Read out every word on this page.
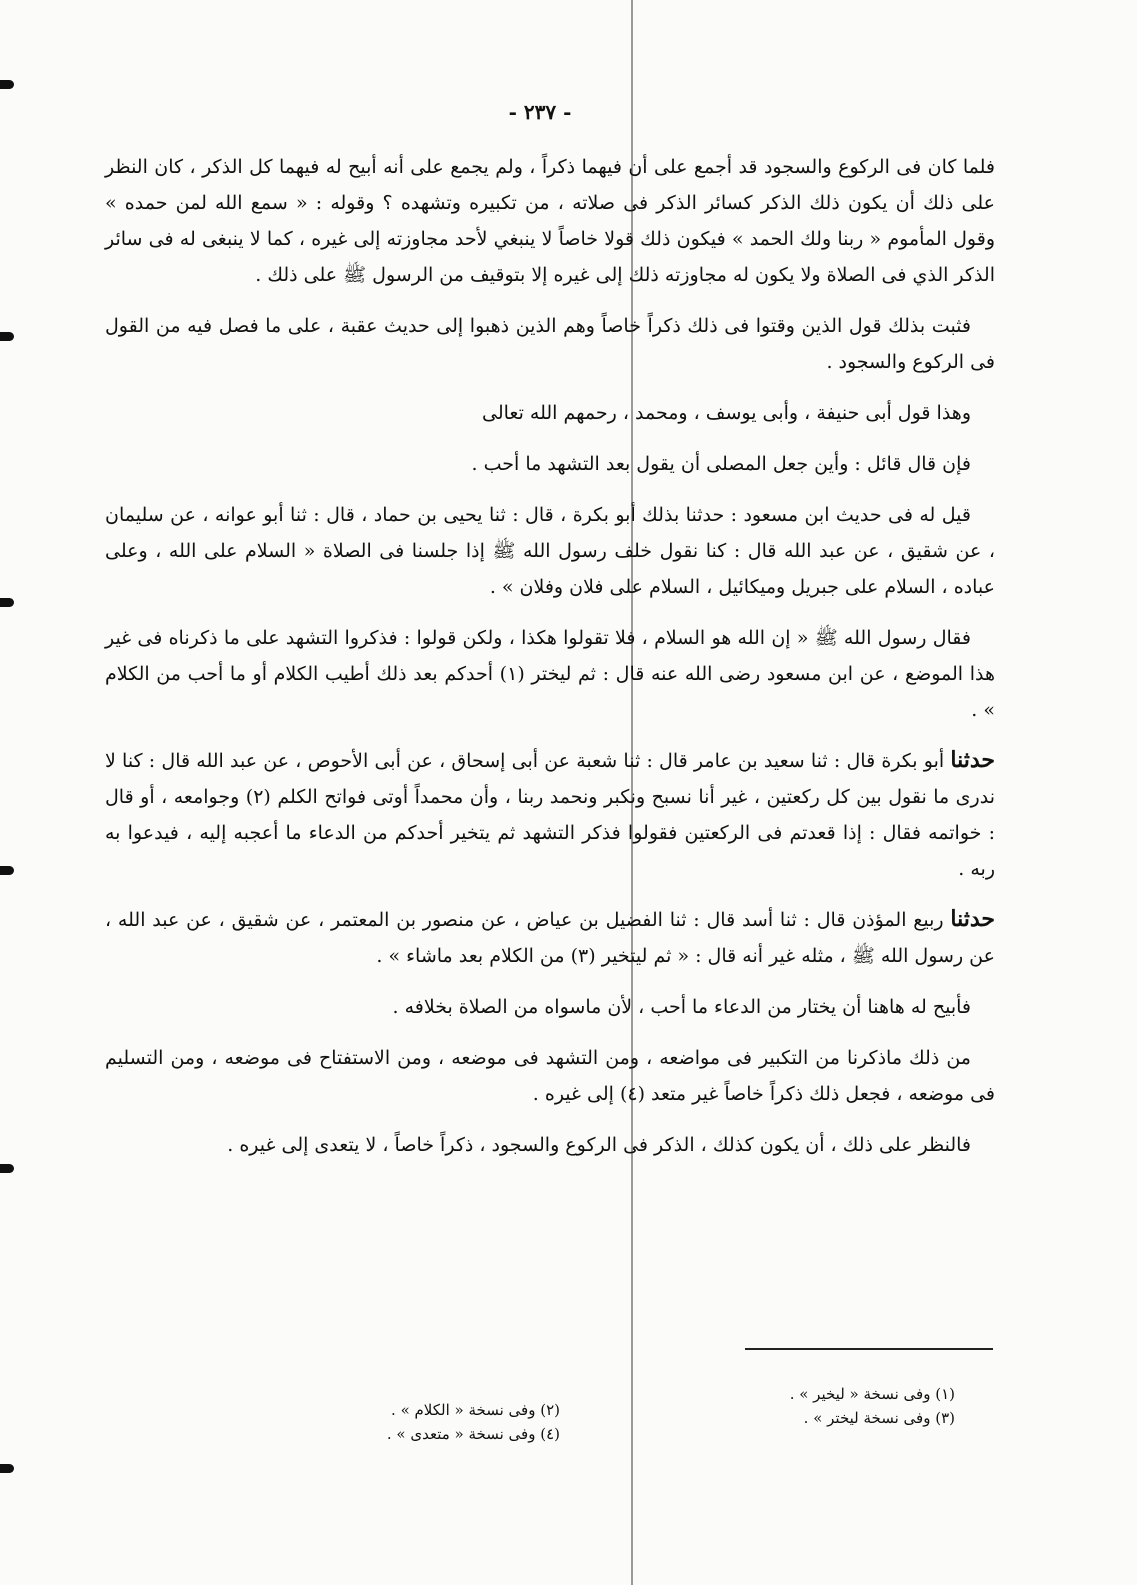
- ٢٣٧ -

فلما كان فى الركوع والسجود قد أجمع على أن فيهما ذكراً ، ولم يجمع على أنه أبيح له فيهما كل الذكر ، كان النظر على ذلك أن يكون ذلك الذكر كسائر الذكر فى صلاته ، من تكبيره وتشهده ؟ وقوله : « سمع الله لمن حمده » وقول المأموم « ربنا ولك الحمد » فيكون ذلك قولا خاصاً لا ينبغي لأحد مجاوزته إلى غيره ، كما لا ينبغى له فى سائر الذكر الذي فى الصلاة ولا يكون له مجاوزته ذلك إلى غيره إلا بتوقيف من الرسول ﷺ على ذلك .

فثبت بذلك قول الذين وقتوا فى ذلك ذكراً خاصاً وهم الذين ذهبوا إلى حديث عقبة ، على ما فصل فيه من القول فى الركوع والسجود .

وهذا قول أبى حنيفة ، وأبى يوسف ، ومحمد ، رحمهم الله تعالى

فإن قال قائل : وأين جعل المصلى أن يقول بعد التشهد ما أحب .

قيل له فى حديث ابن مسعود : حدثنا بذلك أبو بكرة ، قال : ثنا يحيى بن حماد ، قال : ثنا أبو عوانه ، عن سليمان ، عن شقيق ، عن عبد الله قال : كنا نقول خلف رسول الله ﷺ إذا جلسنا فى الصلاة « السلام على الله ، وعلى عباده ، السلام على جبريل وميكائيل ، السلام على فلان وفلان » .

فقال رسول الله ﷺ « إن الله هو السلام ، فلا تقولوا هكذا ، ولكن قولوا : فذكروا التشهد على ما ذكرناه فى غير هذا الموضع ، عن ابن مسعود رضى الله عنه قال : ثم ليختر (١) أحدكم بعد ذلك أطيب الكلام أو ما أحب من الكلام » .

حدثنا أبو بكرة قال : ثنا سعيد بن عامر قال : ثنا شعبة عن أبى إسحاق ، عن أبى الأحوص ، عن عبد الله قال : كنا لا ندرى ما نقول بين كل ركعتين ، غير أنا نسبح ونكبر ونحمد ربنا ، وأن محمداً أوتى فواتح الكلم (٢) وجوامعه ، أو قال : خواتمه فقال : إذا قعدتم فى الركعتين فقولوا فذكر التشهد ثم يتخير أحدكم من الدعاء ما أعجبه إليه ، فيدعوا به ربه .

حدثنا ربيع المؤذن قال : ثنا أسد قال : ثنا الفضيل بن عياض ، عن منصور بن المعتمر ، عن شقيق ، عن عبد الله ، عن رسول الله ﷺ ، مثله غير أنه قال : « ثم ليتخير (٣) من الكلام بعد ماشاء » .

فأبيح له هاهنا أن يختار من الدعاء ما أحب ، لأن ماسواه من الصلاة بخلافه .

من ذلك ماذكرنا من التكبير فى مواضعه ، ومن التشهد فى موضعه ، ومن الاستفتاح فى موضعه ، ومن التسليم فى موضعه ، فجعل ذلك ذكراً خاصاً غير متعد (٤) إلى غيره .

فالنظر على ذلك ، أن يكون كذلك ، الذكر فى الركوع والسجود ، ذكراً خاصاً ، لا يتعدى إلى غيره .

(١) وفى نسخة « ليخير » .
(٣) وفى نسخة ليختر » .
(٢) وفى نسخة « الكلام » .
(٤) وفى نسخة « متعدى » .
